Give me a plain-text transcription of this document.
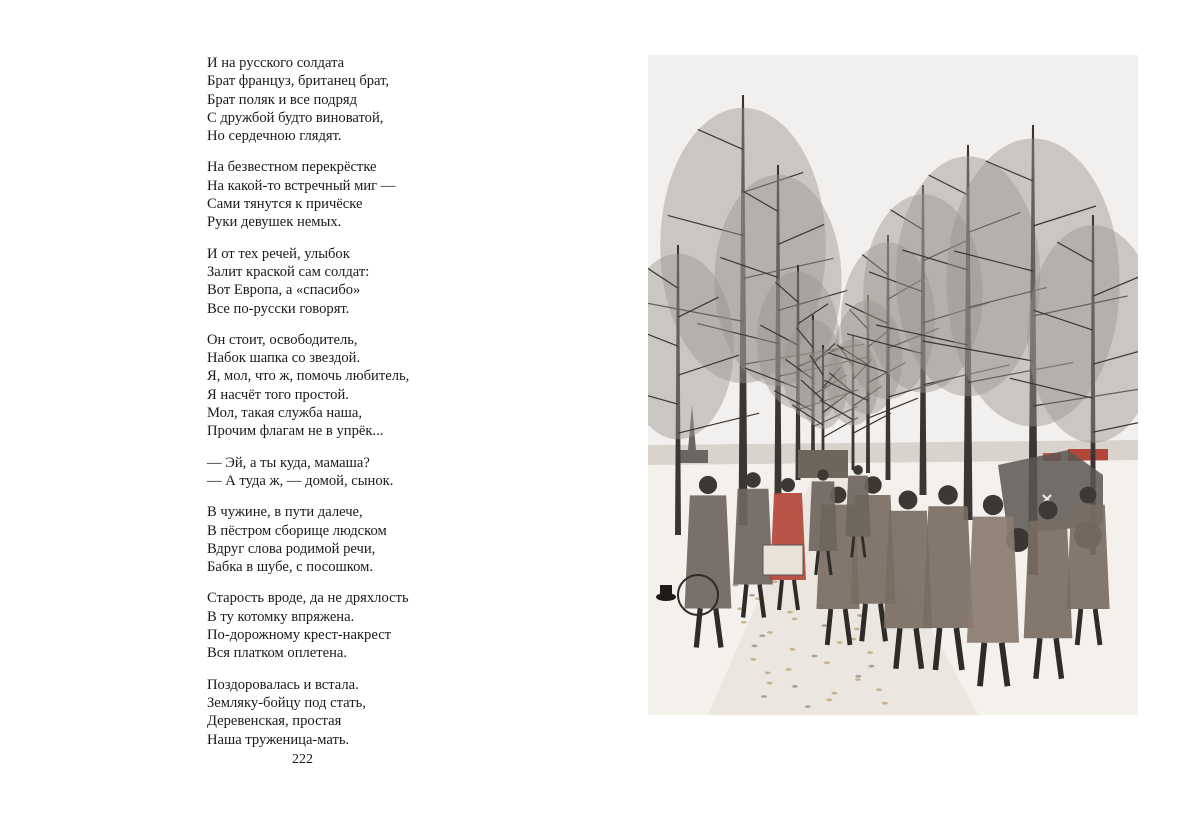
И на русского солдата
Брат француз, британец брат,
Брат поляк и все подряд
С дружбой будто виноватой,
Но сердечною глядят.
На безвестном перекрёстке
На какой-то встречный миг —
Сами тянутся к причёске
Руки девушек немых.
И от тех речей, улыбок
Залит краской сам солдат:
Вот Европа, а «спасибо»
Все по-русски говорят.
Он стоит, освободитель,
Набок шапка со звездой.
Я, мол, что ж, помочь любитель,
Я насчёт того простой.
Мол, такая служба наша,
Прочим флагам не в упрёк...
— Эй, а ты куда, мамаша?
— А туда ж, — домой, сынок.
В чужине, в пути далече,
В пёстром сборище людском
Вдруг слова родимой речи,
Бабка в шубе, с посошком.
Старость вроде, да не дряхлость
В ту котомку впряжена.
По-дорожному крест-накрест
Вся платком оплетена.
Поздоровалась и встала.
Земляку-бойцу под стать,
Деревенская, простая
Наша труженица-мать.
222
